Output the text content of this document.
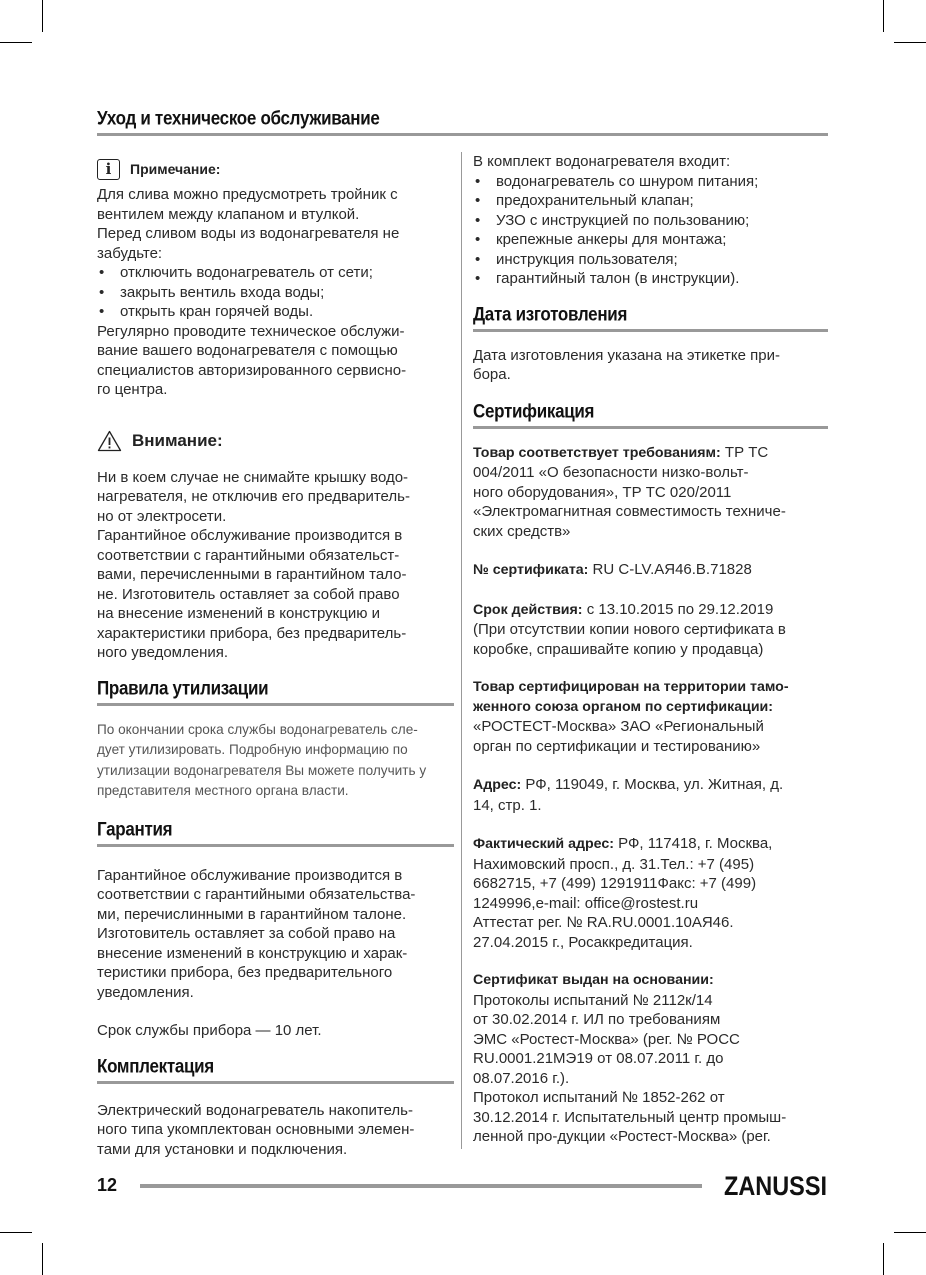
Уход и техническое обслуживание
i	Примечание:

Для слива можно предусмотреть тройник с

вентилем между клапаном и втулкой.

Перед сливом воды из водонагревателя не

забудьте:

• отключить водонагреватель от сети;
• закрыть вентиль входа воды;
• открыть кран горячей воды.

Регулярно проводите техническое обслужи-

вание вашего водонагревателя с помощью

специалистов авторизированного сервисно-

го центра.

Внимание:

Ни в коем случае не снимайте крышку водо-

нагревателя, не отключив его предваритель-

но от электросети.

Гарантийное обслуживание производится в

соответствии с гарантийными обязательст-

вами, перечисленными в гарантийном тало-

не. Изготовитель оставляет за собой право

на внесение изменений в конструкцию и

характеристики прибора, без предваритель-

ного уведомления.

Правила утилизации

По окончании срока службы водонагреватель сле-

дует утилизировать. Подробную информацию по

утилизации водонагревателя Вы можете получить у

представителя местного органа власти.

Гарантия

Гарантийное обслуживание производится в

соответствии с гарантийными обязательства-

ми, перечислинными в гарантийном талоне.

Изготовитель оставляет за собой право на

внесение изменений в конструкцию и харак-

теристики прибора, без предварительного

уведомления.

Срок службы прибора — 10 лет.

Комплектация

Электрический водонагреватель накопитель-

ного типа укомплектован основными элемен-

тами для установки и подключения.

В комплект водонагревателя входит:

• водонагреватель со шнуром питания;
• предохранительный клапан;
• УЗО с инструкцией по пользованию;
• крепежные анкеры для монтажа;
• инструкция пользователя;
• гарантийный талон (в инструкции).
Дата изготовления

Дата изготовления указана на этикетке при-

бора.

Сертификация

Товар соответствует требованиям: ТР ТС

004/2011 «О безопасности низко-вольт-

ного оборудования», ТР ТС 020/2011

«Электромагнитная совместимость техниче-

ских средств»

№ сертификата: RU С-LV.АЯ46.В.71828

Срок действия: с 13.10.2015 по 29.12.2019

(При отсутствии копии нового сертификата в

коробке, спрашивайте копию у продавца)

Товар сертифицирован на территории тамо-

женного союза органом по сертификации:

«РОСТЕСТ-Москва» ЗАО «Региональный

орган по сертификации и тестированию»

Адрес: РФ, 119049, г. Москва, ул. Житная, д.

14, стр. 1.

Фактический адрес: РФ, 117418, г. Москва,

Нахимовский просп., д. 31.Тел.: +7 (495)

6682715, +7 (499) 1291911Факс: +7 (499)

1249996,e-mail: office@rostest.ru

Аттестат рег. № RA.RU.0001.10АЯ46.

27.04.2015 г., Росаккредитация.

Сертификат выдан на основании:

Протоколы испытаний № 2112к/14

от 30.02.2014 г. ИЛ по требованиям

ЭМС «Ростест-Москва» (рег. № РОСС

RU.0001.21МЭ19 от 08.07.2011 г. до

08.07.2016 г.).

Протокол испытаний № 1852-262 от

30.12.2014 г. Испытательный центр промыш-

ленной про-дукции «Ростест-Москва» (рег.

12	ZANUSSI
